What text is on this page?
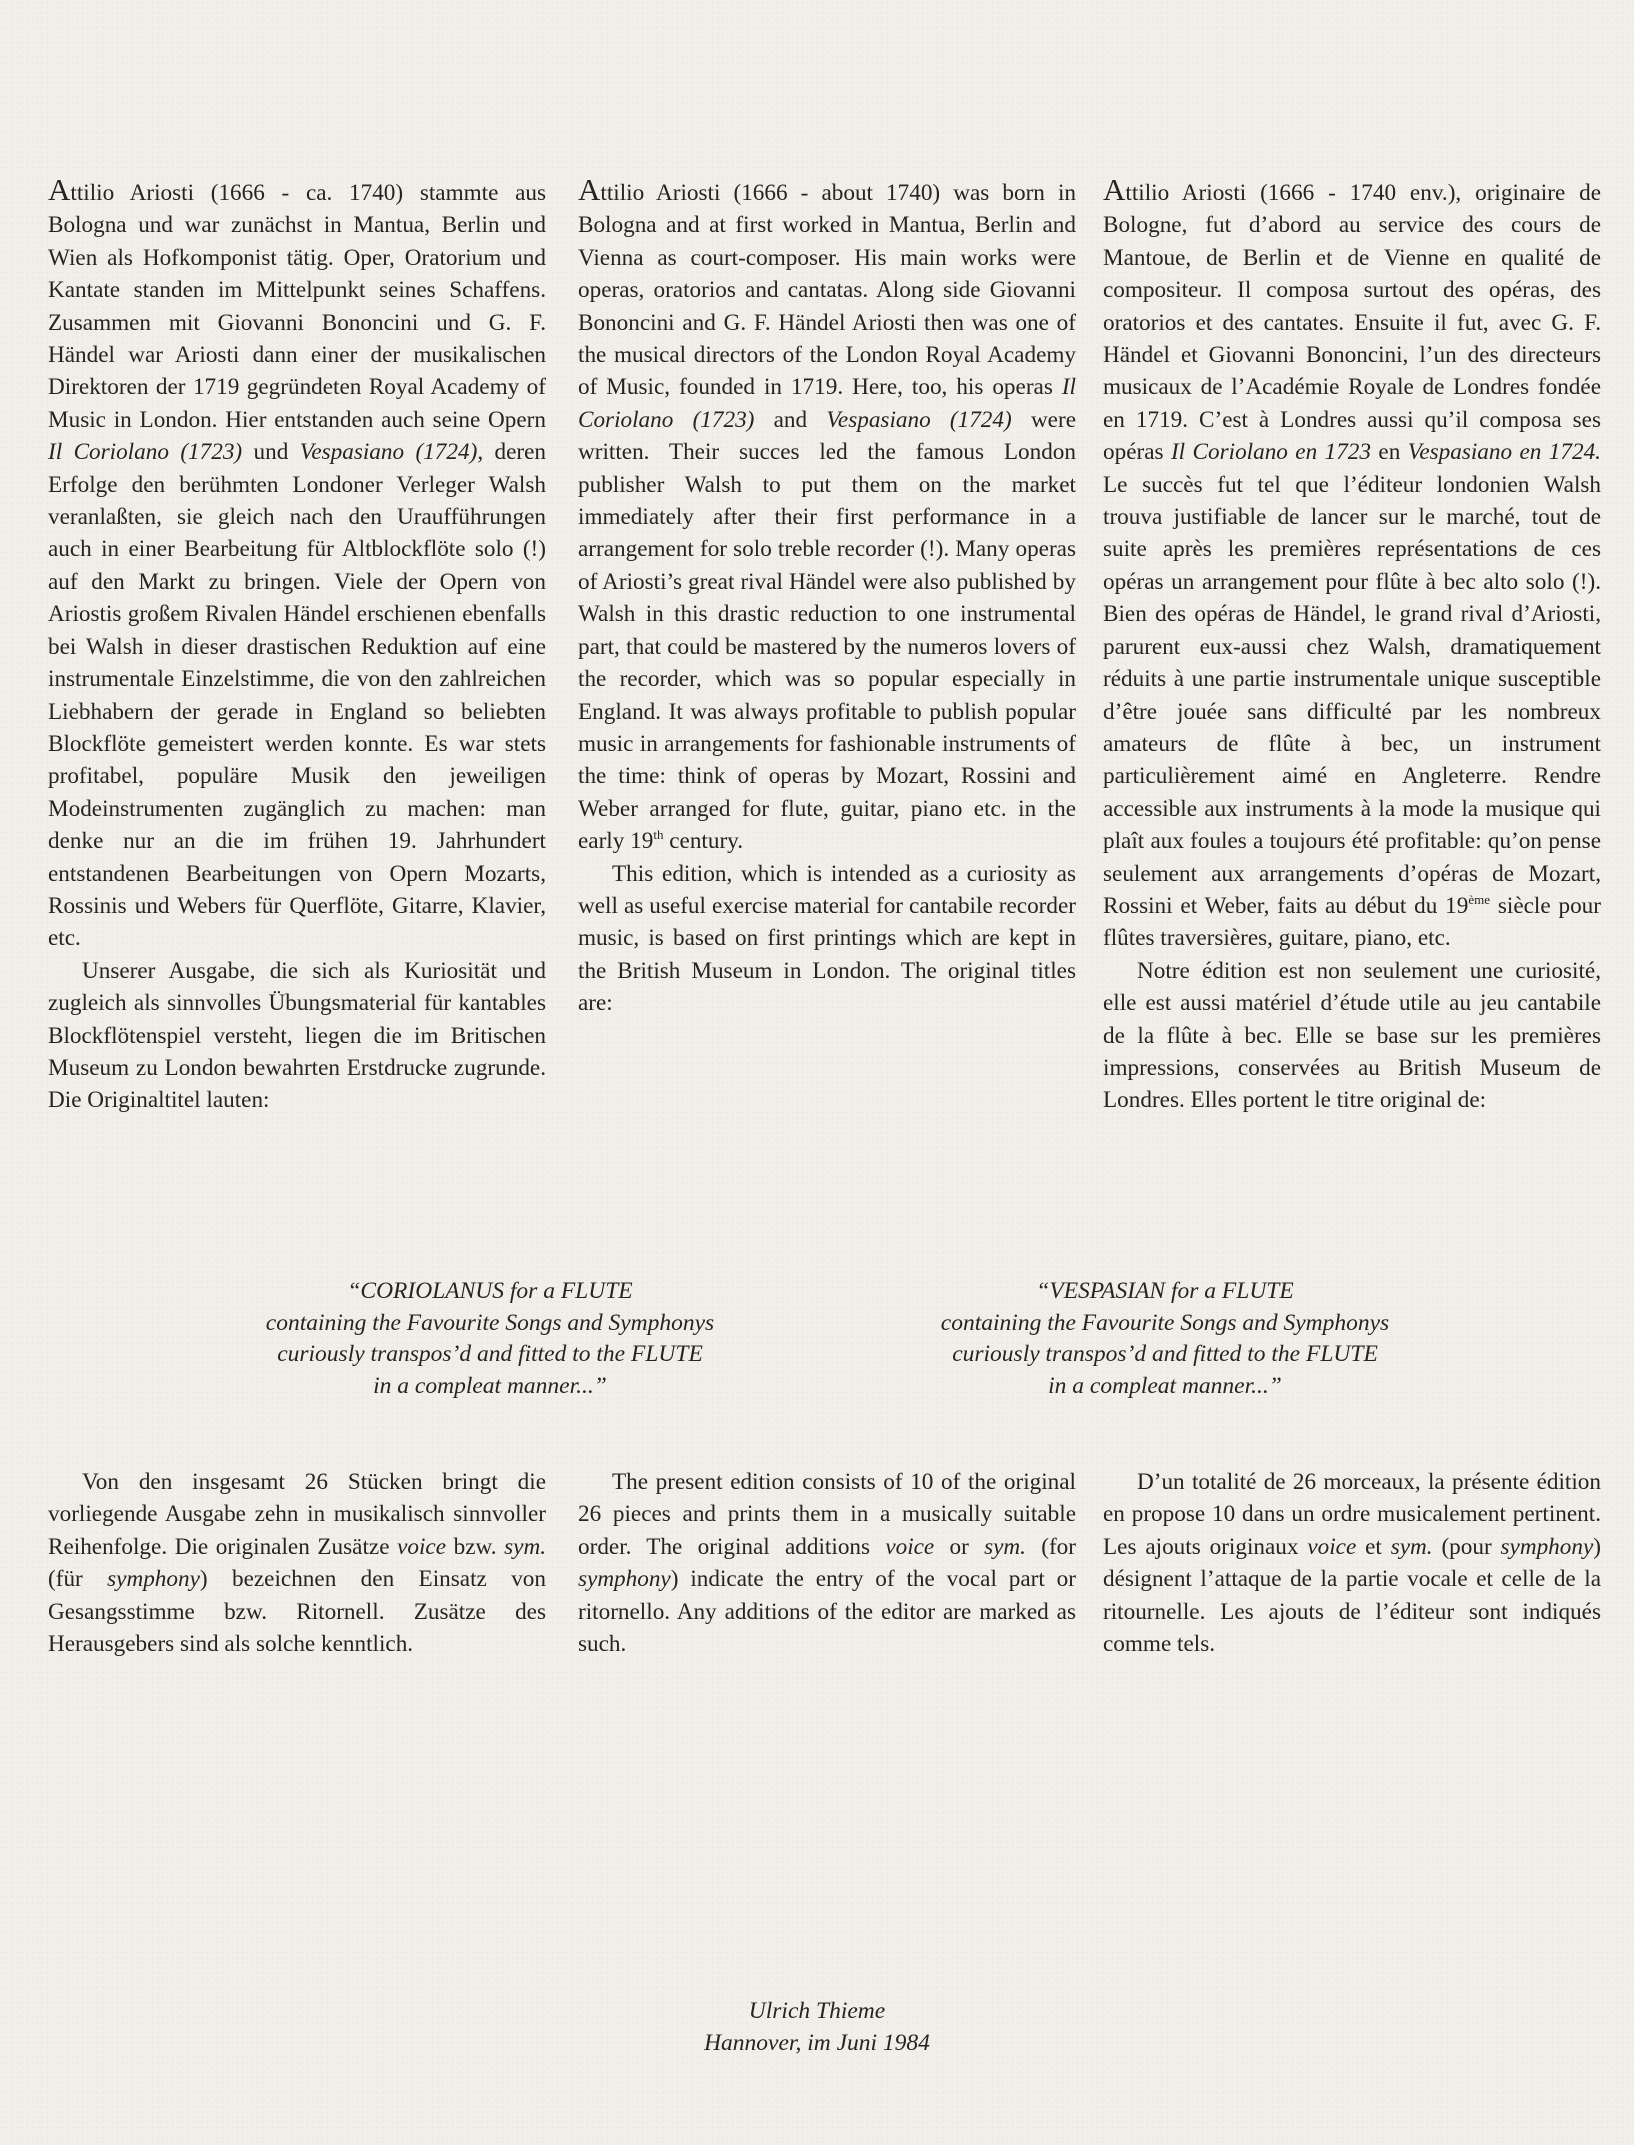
Attilio Ariosti (1666 - ca. 1740) stammte aus Bologna und war zunächst in Mantua, Berlin und Wien als Hofkomponist tätig. Oper, Oratorium und Kantate standen im Mittelpunkt seines Schaffens. Zusammen mit Giovanni Bononcini und G. F. Händel war Ariosti dann einer der musikalischen Direktoren der 1719 gegründeten Royal Academy of Music in London. Hier entstanden auch seine Opern Il Coriolano (1723) und Vespasiano (1724), deren Erfolge den berühmten Londoner Verleger Walsh veranlaßten, sie gleich nach den Uraufführungen auch in einer Bearbeitung für Altblockflöte solo (!) auf den Markt zu bringen. Viele der Opern von Ariostis großem Rivalen Händel erschienen ebenfalls bei Walsh in dieser drastischen Reduktion auf eine instrumentale Einzelstimme, die von den zahlreichen Liebhabern der gerade in England so beliebten Blockflöte gemeistert werden konnte. Es war stets profitabel, populäre Musik den jeweiligen Modeinstrumenten zugänglich zu machen: man denke nur an die im frühen 19. Jahrhundert entstandenen Bearbeitungen von Opern Mozarts, Rossinis und Webers für Querflöte, Gitarre, Klavier, etc.

Unserer Ausgabe, die sich als Kuriosität und zugleich als sinnvolles Übungsmaterial für kantables Blockflötenspiel versteht, liegen die im Britischen Museum zu London bewahrten Erstdrucke zugrunde. Die Originaltitel lauten:

Attilio Ariosti (1666 - about 1740) was born in Bologna and at first worked in Mantua, Berlin and Vienna as court-composer. His main works were operas, oratorios and cantatas. Along side Giovanni Bononcini and G. F. Händel Ariosti then was one of the musical directors of the London Royal Academy of Music, founded in 1719. Here, too, his operas Il Coriolano (1723) and Vespasiano (1724) were written. Their succes led the famous London publisher Walsh to put them on the market immediately after their first performance in a arrangement for solo treble recorder (!). Many operas of Ariosti’s great rival Händel were also published by Walsh in this drastic reduction to one instrumental part, that could be mastered by the numeros lovers of the recorder, which was so popular especially in England. It was always profitable to publish popular music in arrangements for fashionable instruments of the time: think of operas by Mozart, Rossini and Weber arranged for flute, guitar, piano etc. in the early 19th century.

This edition, which is intended as a curiosity as well as useful exercise material for cantabile recorder music, is based on first printings which are kept in the British Museum in London. The original titles are:

Attilio Ariosti (1666 - 1740 env.), originaire de Bologne, fut d’abord au service des cours de Mantoue, de Berlin et de Vienne en qualité de compositeur. Il composa surtout des opéras, des oratorios et des cantates. Ensuite il fut, avec G. F. Händel et Giovanni Bononcini, l’un des directeurs musicaux de l’Académie Royale de Londres fondée en 1719. C’est à Londres aussi qu’il composa ses opéras Il Coriolano en 1723 en Vespasiano en 1724. Le succès fut tel que l’éditeur londonien Walsh trouva justifiable de lancer sur le marché, tout de suite après les premières représentations de ces opéras un arrangement pour flûte à bec alto solo (!). Bien des opéras de Händel, le grand rival d’Ariosti, parurent eux-aussi chez Walsh, dramatiquement réduits à une partie instrumentale unique susceptible d’être jouée sans difficulté par les nombreux amateurs de flûte à bec, un instrument particulièrement aimé en Angleterre. Rendre accessible aux instruments à la mode la musique qui plaît aux foules a toujours été profitable: qu’on pense seulement aux arrangements d’opéras de Mozart, Rossini et Weber, faits au début du 19ème siècle pour flûtes traversières, guitare, piano, etc.

Notre édition est non seulement une curiosité, elle est aussi matériel d’étude utile au jeu cantabile de la flûte à bec. Elle se base sur les premières impressions, conservées au British Museum de Londres. Elles portent le titre original de:

“CORIOLANUS for a FLUTE
containing the Favourite Songs and Symphonys
curiously transpos’d and fitted to the FLUTE
in a compleat manner...”
“VESPASIAN for a FLUTE
containing the Favourite Songs and Symphonys
curiously transpos’d and fitted to the FLUTE
in a compleat manner...”

Von den insgesamt 26 Stücken bringt die vorliegende Ausgabe zehn in musikalisch sinnvoller Reihenfolge. Die originalen Zusätze voice bzw. sym. (für symphony) bezeichnen den Einsatz von Gesangsstimme bzw. Ritornell. Zusätze des Herausgebers sind als solche kenntlich.

The present edition consists of 10 of the original 26 pieces and prints them in a musically suitable order. The original additions voice or sym. (for symphony) indicate the entry of the vocal part or ritornello. Any additions of the editor are marked as such.

D’un totalité de 26 morceaux, la présente édition en propose 10 dans un ordre musicalement pertinent. Les ajouts originaux voice et sym. (pour symphony) désignent l’attaque de la partie vocale et celle de la ritournelle. Les ajouts de l’éditeur sont indiqués comme tels.

Ulrich Thieme
Hannover, im Juni 1984
